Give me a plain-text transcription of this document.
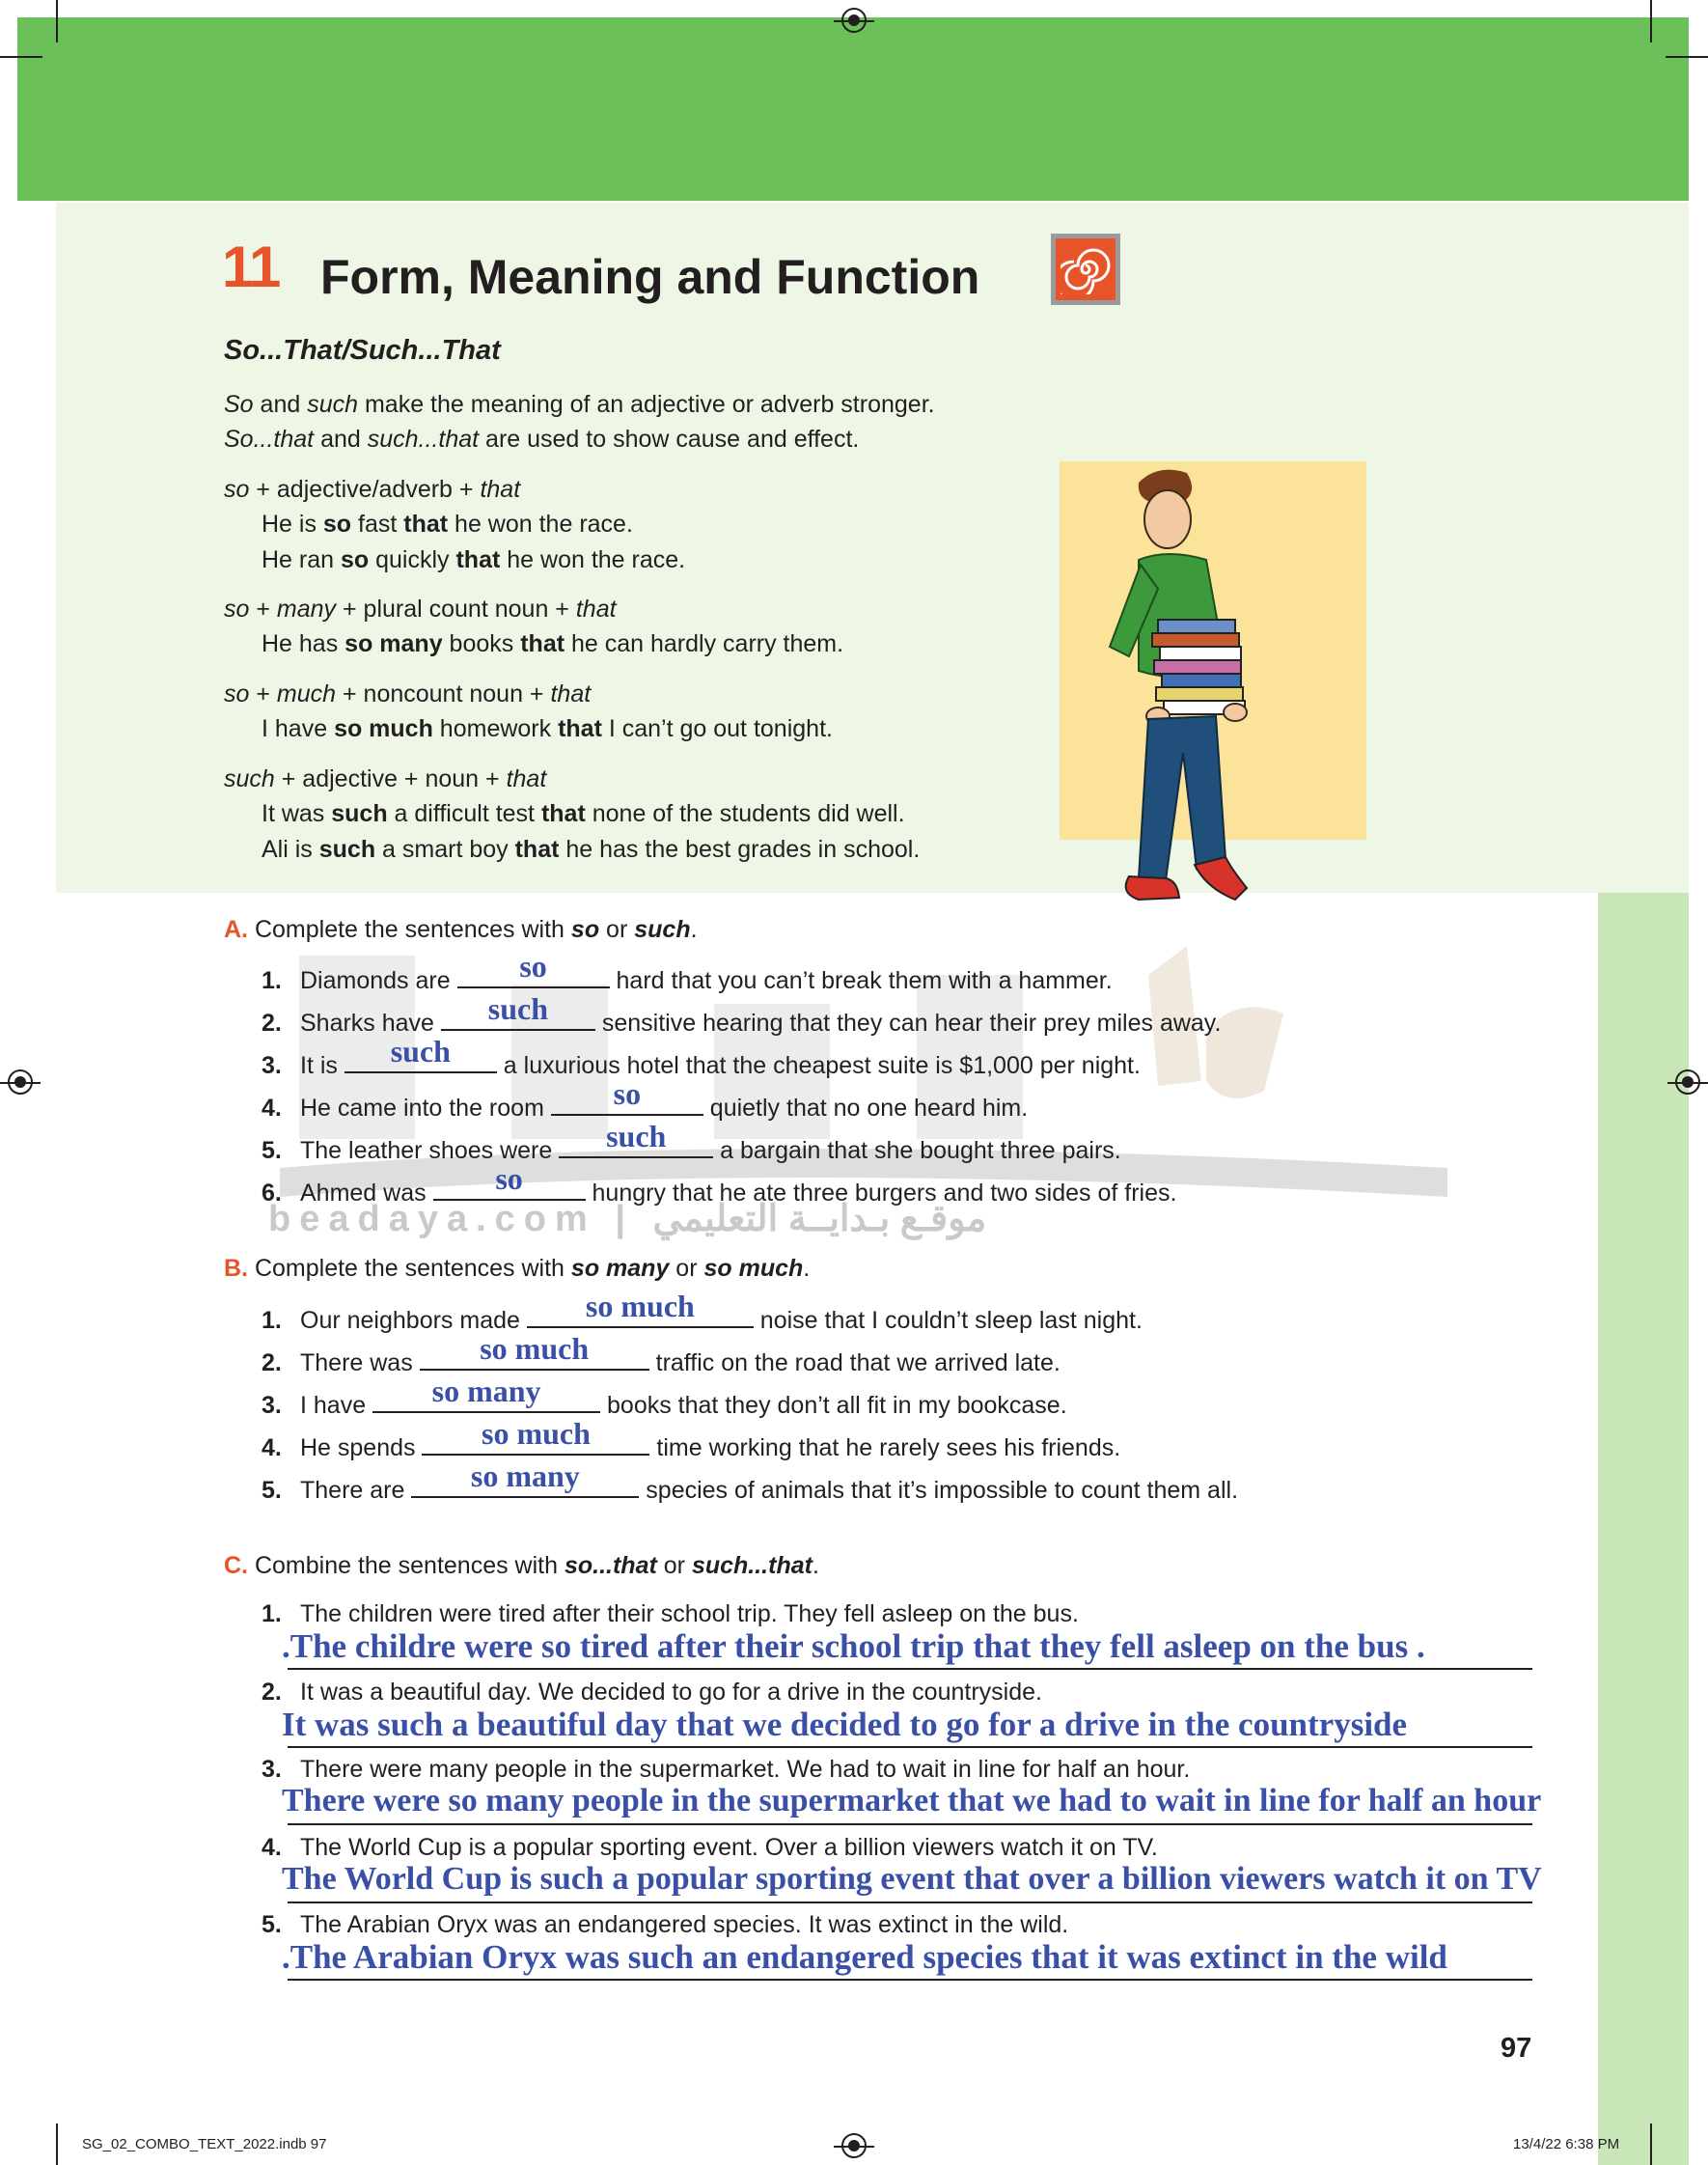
11 Form, Meaning and Function
So...That/Such...That
So and such make the meaning of an adjective or adverb stronger.
So...that and such...that are used to show cause and effect.
so + adjective/adverb + that
He is so fast that he won the race.
He ran so quickly that he won the race.
so + many + plural count noun + that
He has so many books that he can hardly carry them.
so + much + noncount noun + that
I have so much homework that I can’t go out tonight.
such + adjective + noun + that
It was such a difficult test that none of the students did well.
Ali is such a smart boy that he has the best grades in school.
beadaya.com | موقـع بـدايــة التعليمي
A. Complete the sentences with so or such.
1. Diamonds are	so	hard that you can’t break them with a hammer.
2. Sharks have	such	sensitive hearing that they can hear their prey miles away.
3. It is	such	a luxurious hotel that the cheapest suite is $1,000 per night.
4. He came into the room	so	quietly that no one heard him.
5. The leather shoes were	such	a bargain that she bought three pairs.
6. Ahmed was	so	hungry that he ate three burgers and two sides of fries.
B. Complete the sentences with so many or so much.
1. Our neighbors made	so much	noise that I couldn’t sleep last night.
2. There was	so much	traffic on the road that we arrived late.
3. I have	so many	books that they don’t all fit in my bookcase.
4. He spends	so much	time working that he rarely sees his friends.
5. There are	so many	species of animals that it’s impossible to count them all.
C. Combine the sentences with so...that or such...that.
1. The children were tired after their school trip. They fell asleep on the bus.
.The childre were so tired after their school trip that they fell asleep on the bus .
2. It was a beautiful day. We decided to go for a drive in the countryside.
It was such a beautiful day that we decided to go for a drive in the countryside
3. There were many people in the supermarket. We had to wait in line for half an hour.
There were so many people in the supermarket that we had to wait in line for half an hour
4. The World Cup is a popular sporting event. Over a billion viewers watch it on TV.
The World Cup is such a popular sporting event that over a billion viewers watch it on TV
5. The Arabian Oryx was an endangered species. It was extinct in the wild.
.The Arabian Oryx was such an endangered species that it was extinct in the wild
97
SG_02_COMBO_TEXT_2022.indb 97	13/4/22 6:38 PM
